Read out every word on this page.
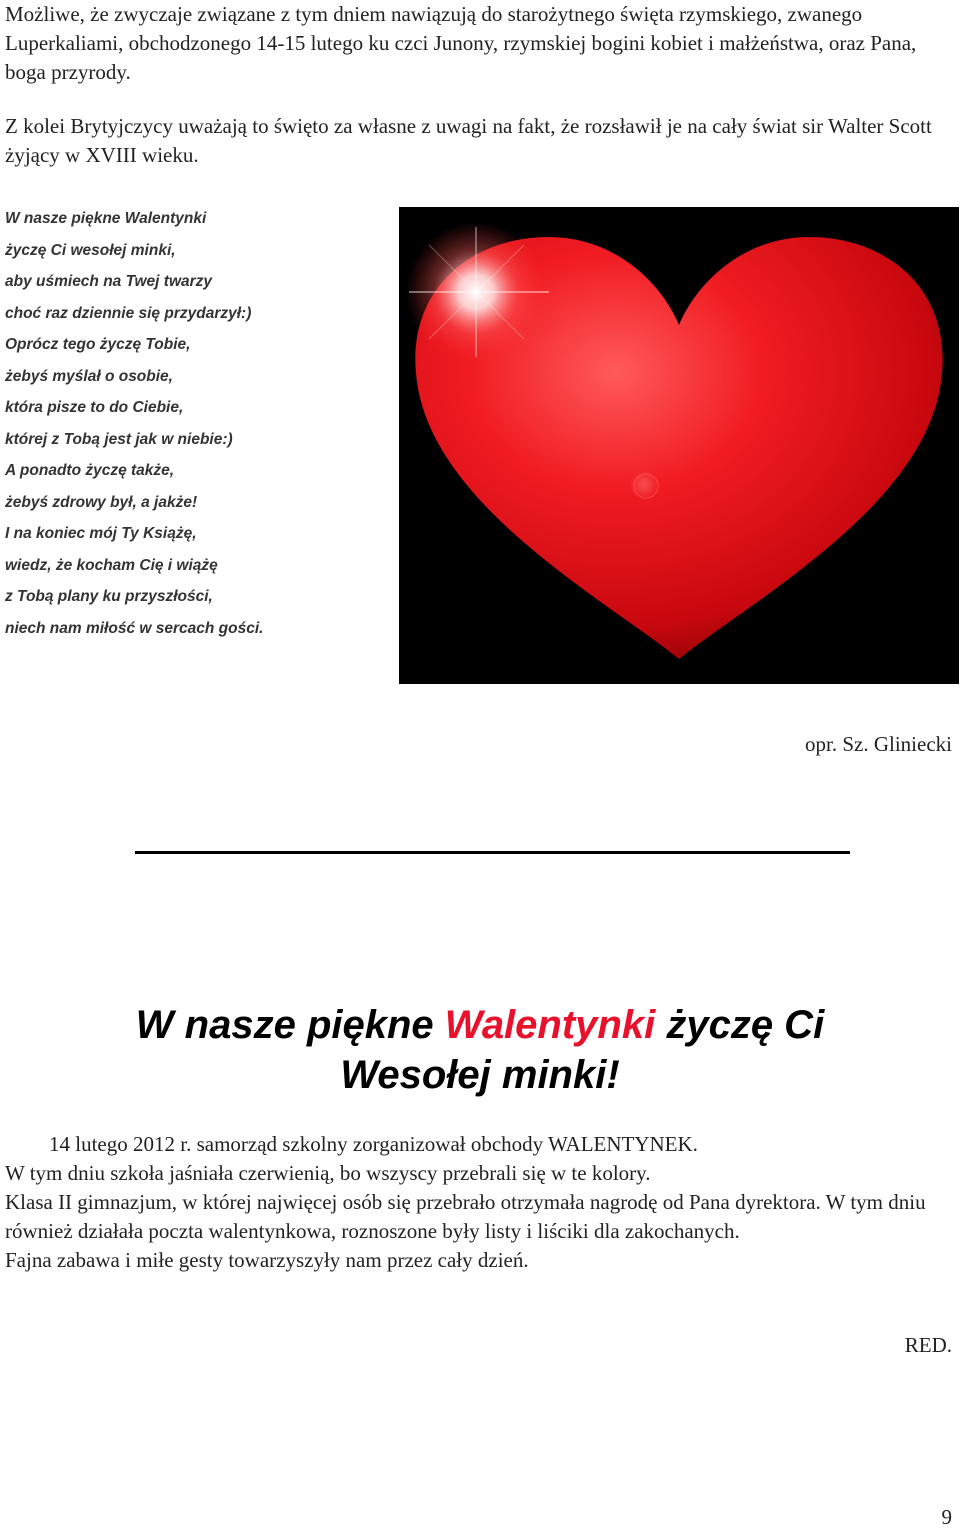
Możliwe, że zwyczaje związane z tym dniem nawiązują do starożytnego święta rzymskiego, zwanego Luperkaliami, obchodzonego 14-15 lutego ku czci Junony, rzymskiej bogini kobiet i małżeństwa, oraz Pana, boga przyrody.
Z kolei Brytyjczycy uważają to święto za własne z uwagi na fakt, że rozsławił je na cały świat sir Walter Scott żyjący w XVIII wieku.
W nasze piękne Walentynki
życzę Ci wesołej minki,
aby uśmiech na Twej twarzy
choć raz dziennie się przydarzył:)
Oprócz tego życzę Tobie,
żebyś myślał o osobie,
która pisze to do Ciebie,
której z Tobą jest jak w niebie:)
A ponadto życzę także,
żebyś zdrowy był, a jakże!
I na koniec mój Ty Książę,
wiedz, że kocham Cię i wiążę
z Tobą plany ku przyszłości,
niech nam miłość w sercach gości.
opr. Sz. Gliniecki
W nasze piękne Walentynki życzę Ci
Wesołej minki!
14 lutego 2012 r. samorząd szkolny zorganizował obchody WALENTYNEK.
W tym dniu szkoła jaśniała czerwienią, bo wszyscy przebrali się w te kolory.
Klasa II gimnazjum, w której najwięcej osób się przebrało otrzymała nagrodę od Pana dyrektora. W tym dniu również działała poczta walentynkowa, roznoszone były listy i liściki dla zakochanych.
Fajna zabawa i miłe gesty towarzyszyły nam przez cały dzień.
RED.
9
